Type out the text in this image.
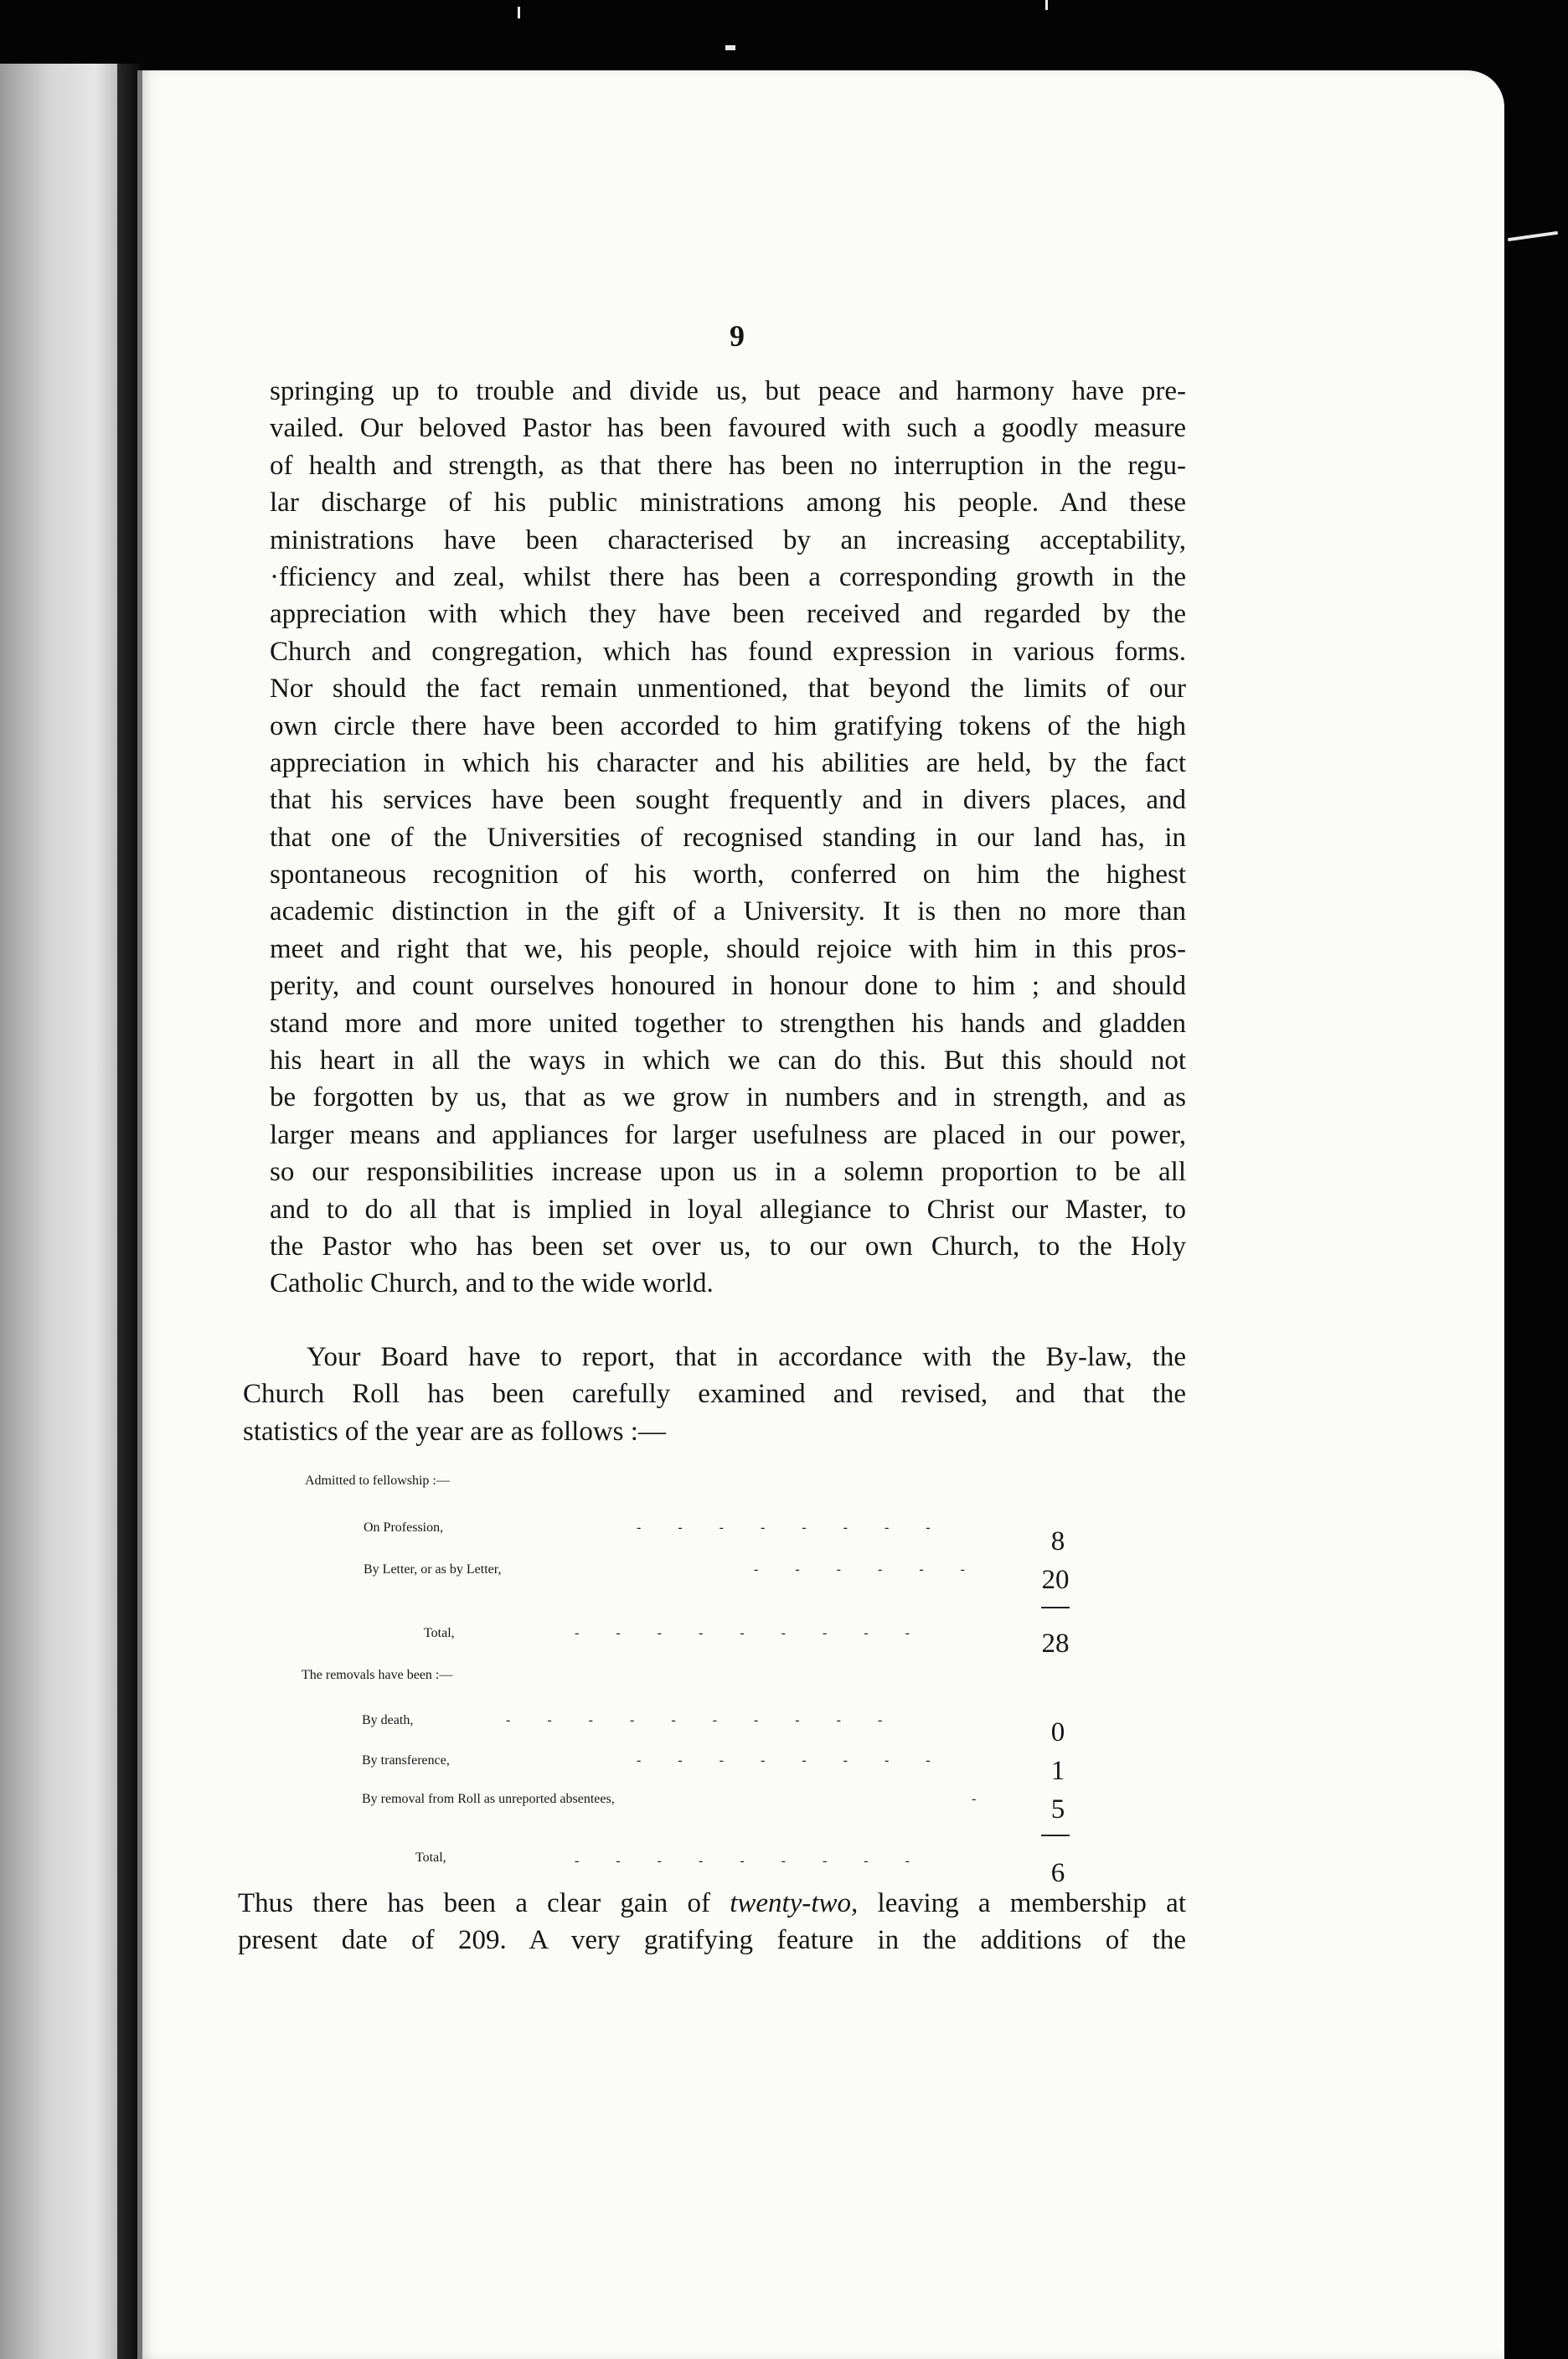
9
springing up to trouble and divide us, but peace and harmony have pre-
vailed. Our beloved Pastor has been favoured with such a goodly measure
of health and strength, as that there has been no interruption in the regu-
lar discharge of his public ministrations among his people. And these
ministrations have been characterised by an increasing acceptability,
·fficiency and zeal, whilst there has been a corresponding growth in the
appreciation with which they have been received and regarded by the
Church and congregation, which has found expression in various forms.
Nor should the fact remain unmentioned, that beyond the limits of our
own circle there have been accorded to him gratifying tokens of the high
appreciation in which his character and his abilities are held, by the fact
that his services have been sought frequently and in divers places, and
that one of the Universities of recognised standing in our land has, in
spontaneous recognition of his worth, conferred on him the highest
academic distinction in the gift of a University. It is then no more than
meet and right that we, his people, should rejoice with him in this pros-
perity, and count ourselves honoured in honour done to him ; and should
stand more and more united together to strengthen his hands and gladden
his heart in all the ways in which we can do this. But this should not
be forgotten by us, that as we grow in numbers and in strength, and as
larger means and appliances for larger usefulness are placed in our power,
so our responsibilities increase upon us in a solemn proportion to be all
and to do all that is implied in loyal allegiance to Christ our Master, to
the Pastor who has been set over us, to our own Church, to the Holy
Catholic Church, and to the wide world.
Your Board have to report, that in accordance with the By-law, the
Church Roll has been carefully examined and revised, and that the
statistics of the year are as follows :—
Admitted to fellowship :—
On Profession,	- - - - - - - -	8
By Letter, or as by Letter,	- - - - - -	20
Total,	- - - - - - - - -	28
The removals have been :—
By death,	- - - - - - - - - -	0
By transference,	- - - - - - - -	1
By removal from Roll as unreported absentees,	-	5
Total,	- - - - - - - - -	6
Thus there has been a clear gain of twenty-two, leaving a membership at
present date of 209. A very gratifying feature in the additions of the
